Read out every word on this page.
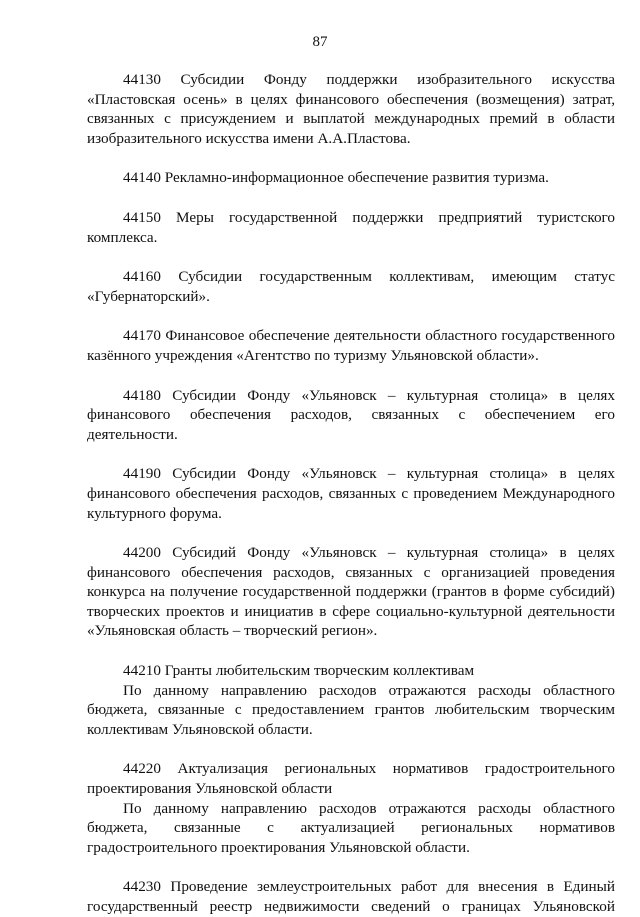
87

44130 Субсидии Фонду поддержки изобразительного искусства «Пластовская осень» в целях финансового обеспечения (возмещения) затрат, связанных с присуждением и выплатой международных премий в области изобразительного искусства имени А.А.Пластова.

44140 Рекламно-информационное обеспечение развития туризма.

44150 Меры государственной поддержки предприятий туристского комплекса.

44160 Субсидии государственным коллективам, имеющим статус «Губернаторский».

44170 Финансовое обеспечение деятельности областного государственного казённого учреждения «Агентство по туризму Ульяновской области».

44180 Субсидии Фонду «Ульяновск – культурная столица» в целях финансового обеспечения расходов, связанных с обеспечением его деятельности.

44190 Субсидии Фонду «Ульяновск – культурная столица» в целях финансового обеспечения расходов, связанных с проведением Международного культурного форума.

44200 Субсидий Фонду «Ульяновск – культурная столица» в целях финансового обеспечения расходов, связанных с организацией проведения конкурса на получение государственной поддержки (грантов в форме субсидий) творческих проектов и инициатив в сфере социально-культурной деятельности «Ульяновская область – творческий регион».

44210 Гранты любительским творческим коллективам

По данному направлению расходов отражаются расходы областного бюджета, связанные с предоставлением грантов любительским творческим коллективам Ульяновской области.

44220 Актуализация региональных нормативов градостроительного проектирования Ульяновской области

По данному направлению расходов отражаются расходы областного бюджета, связанные с актуализацией региональных нормативов градостроительного проектирования Ульяновской области.

44230 Проведение землеустроительных работ для внесения в Единый государственный реестр недвижимости сведений о границах Ульяновской
